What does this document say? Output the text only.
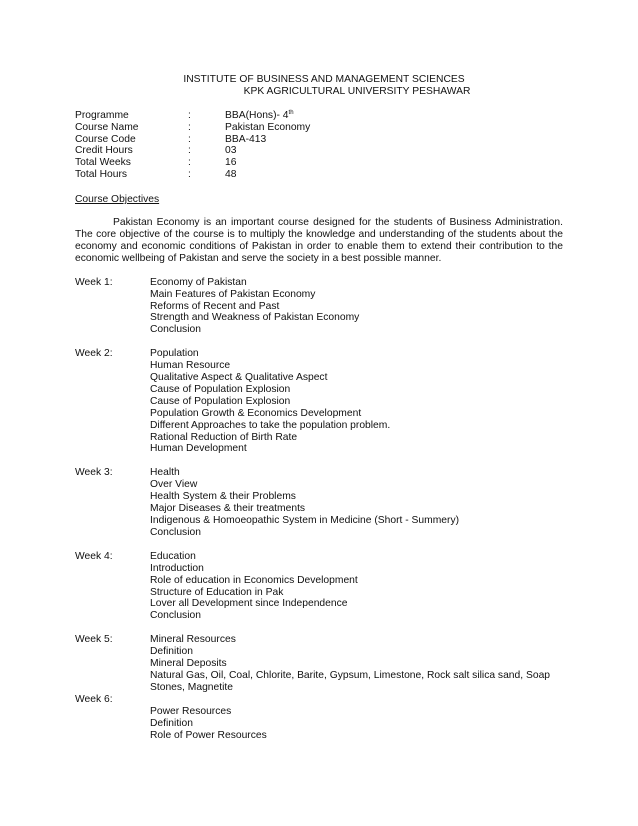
INSTITUTE OF BUSINESS AND MANAGEMENT SCIENCES
KPK AGRICULTURAL UNIVERSITY PESHAWAR
Programme	:	BBA(Hons)- 4th
Course Name	:	Pakistan Economy
Course Code	:	BBA-413
Credit Hours	:	03
Total Weeks	:	16
Total Hours	:	48
Course Objectives
Pakistan Economy is an important course designed for the students of Business Administration. The core objective of the course is to multiply the knowledge and understanding of the students about the economy and economic conditions of Pakistan in order to enable them to extend their contribution to the economic wellbeing of Pakistan and serve the society in a best possible manner.
Week 1:	Economy of Pakistan
Main Features of Pakistan Economy
Reforms of Recent and Past
Strength and Weakness of Pakistan Economy
Conclusion
Week 2:	Population
Human Resource
Qualitative Aspect & Qualitative Aspect
Cause of Population Explosion
Cause of Population Explosion
Population Growth & Economics Development
Different Approaches to take the population problem.
Rational Reduction of Birth Rate
Human Development
Week 3:	Health
Over View
Health System & their Problems
Major Diseases & their treatments
Indigenous & Homoeopathic System in Medicine (Short - Summery)
Conclusion
Week 4:	Education
Introduction
Role of education in Economics Development
Structure of Education in Pak
Lover all Development since Independence
Conclusion
Week 5:	Mineral Resources
Definition
Mineral Deposits
Natural Gas, Oil, Coal, Chlorite, Barite, Gypsum, Limestone, Rock salt silica sand, Soap Stones, Magnetite
Week 6:

Power Resources
Definition
Role of Power Resources
